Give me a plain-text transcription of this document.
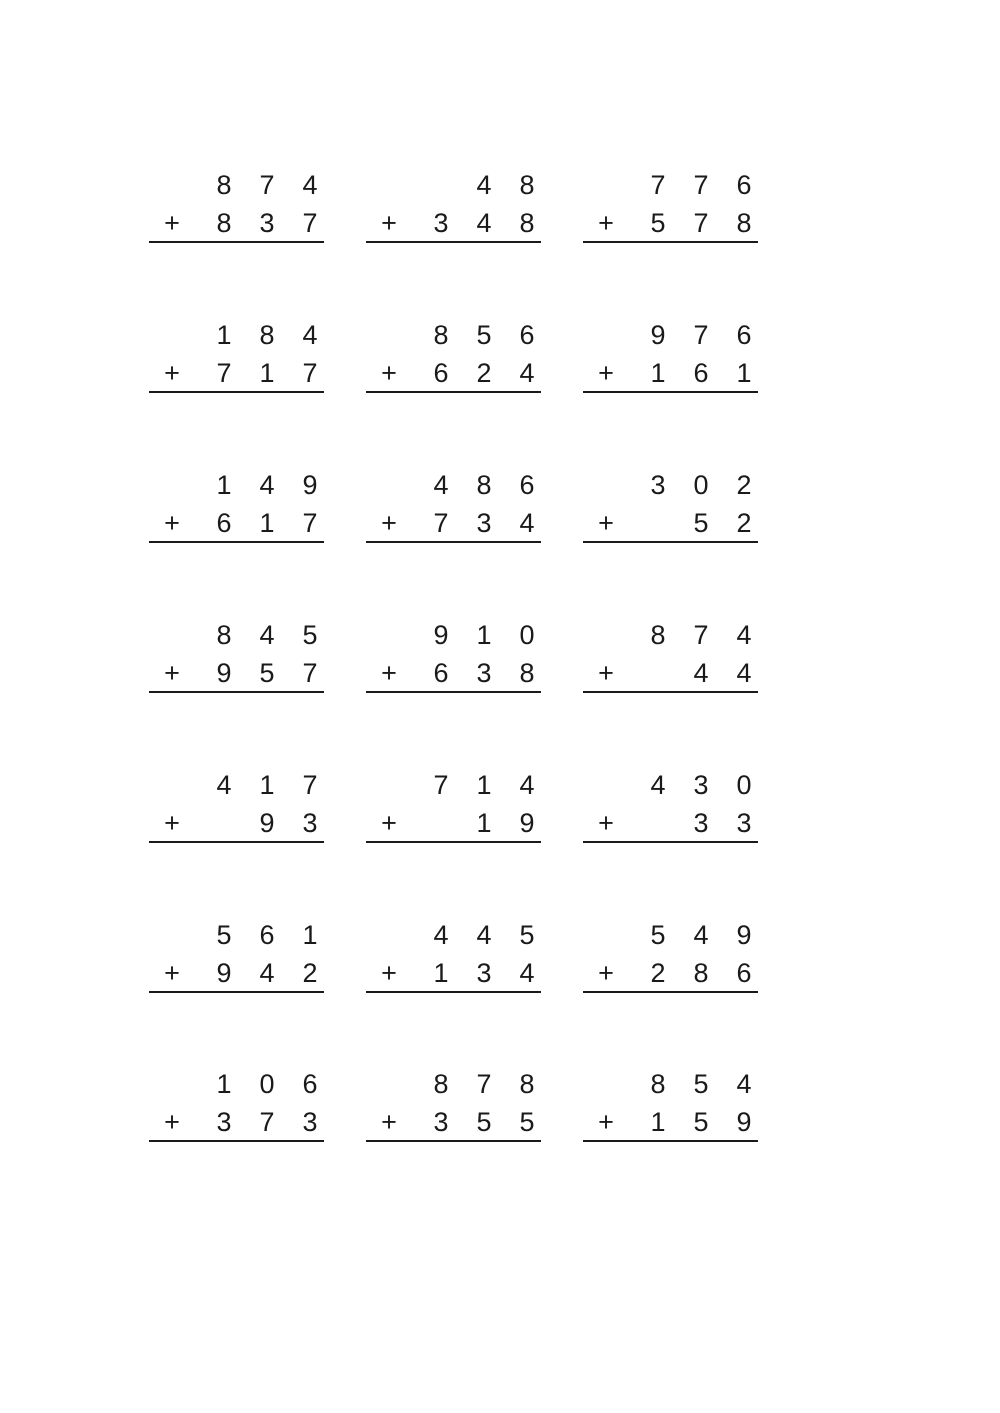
8 7 4
8 3 7
+
4 8
3 4 8
+
7 7 6
5 7 8
+
1 8 4
7 1 7
+
8 5 6
6 2 4
+
9 7 6
1 6 1
+
1 4 9
6 1 7
+
4 8 6
7 3 4
+
3 0 2
5 2
+
8 4 5
9 5 7
+
9 1 0
6 3 8
+
8 7 4
4 4
+
4 1 7
9 3
+
7 1 4
1 9
+
4 3 0
3 3
+
5 6 1
9 4 2
+
4 4 5
1 3 4
+
5 4 9
2 8 6
+
1 0 6
3 7 3
+
8 7 8
3 5 5
+
8 5 4
1 5 9
+
